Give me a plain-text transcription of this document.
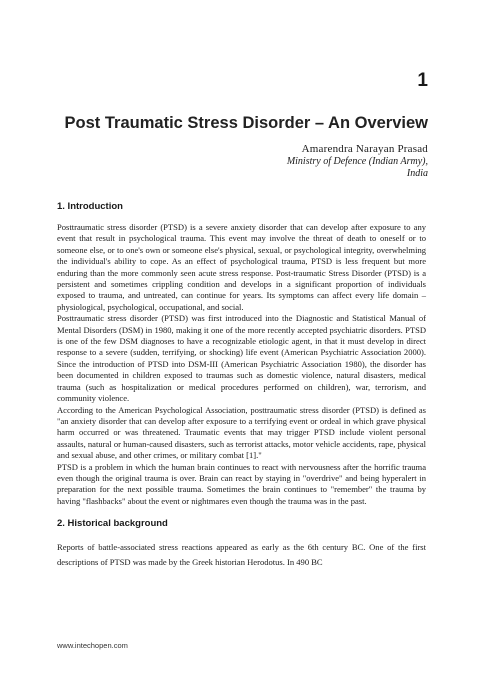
1
Post Traumatic Stress Disorder – An Overview
Amarendra Narayan Prasad
Ministry of Defence (Indian Army),
India
1. Introduction

Posttraumatic stress disorder (PTSD) is a severe anxiety disorder that can develop after exposure to any event that result in psychological trauma. This event may involve the threat of death to oneself or to someone else, or to one's own or someone else's physical, sexual, or psychological integrity, overwhelming the individual's ability to cope. As an effect of psychological trauma, PTSD is less frequent but more enduring than the more commonly seen acute stress response. Post-traumatic Stress Disorder (PTSD) is a persistent and sometimes crippling condition and develops in a significant proportion of individuals exposed to trauma, and untreated, can continue for years. Its symptoms can affect every life domain – physiological, psychological, occupational, and social.

Posttraumatic stress disorder (PTSD) was first introduced into the Diagnostic and Statistical Manual of Mental Disorders (DSM) in 1980, making it one of the more recently accepted psychiatric disorders. PTSD is one of the few DSM diagnoses to have a recognizable etiologic agent, in that it must develop in direct response to a severe (sudden, terrifying, or shocking) life event (American Psychiatric Association 2000). Since the introduction of PTSD into DSM-III (American Psychiatric Association 1980), the disorder has been documented in children exposed to traumas such as domestic violence, natural disasters, medical trauma (such as hospitalization or medical procedures performed on children), war, terrorism, and community violence.

According to the American Psychological Association, posttraumatic stress disorder (PTSD) is defined as "an anxiety disorder that can develop after exposure to a terrifying event or ordeal in which grave physical harm occurred or was threatened. Traumatic events that may trigger PTSD include violent personal assaults, natural or human-caused disasters, such as terrorist attacks, motor vehicle accidents, rape, physical and sexual abuse, and other crimes, or military combat [1]."

PTSD is a problem in which the human brain continues to react with nervousness after the horrific trauma even though the original trauma is over. Brain can react by staying in "overdrive" and being hyperalert in preparation for the next possible trauma. Sometimes the brain continues to "remember" the trauma by having "flashbacks" about the event or nightmares even though the trauma was in the past.

2. Historical background

Reports of battle-associated stress reactions appeared as early as the 6th century BC. One of the first descriptions of PTSD was made by the Greek historian Herodotus. In 490 BC

www.intechopen.com
